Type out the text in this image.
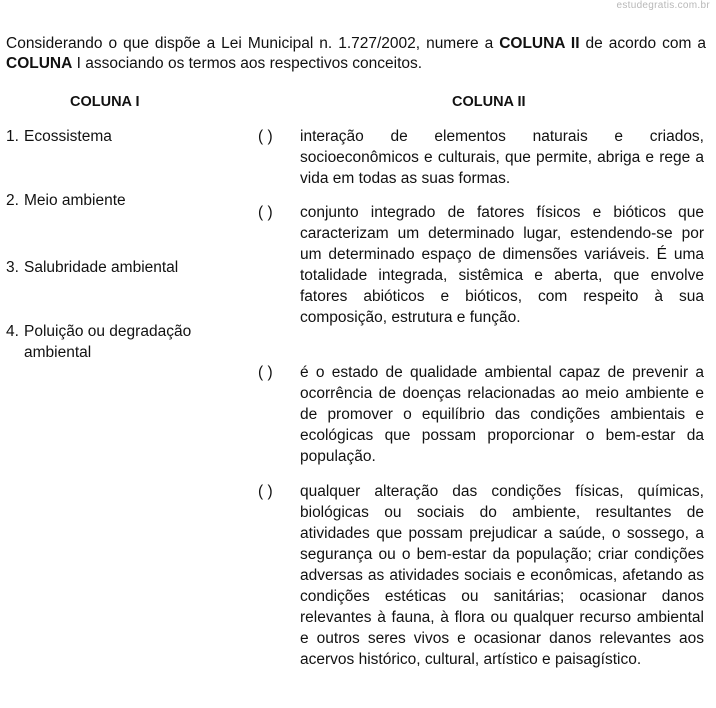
estudegratis.com.br
Considerando o que dispõe a Lei Municipal n. 1.727/2002, numere a COLUNA II de acordo com a COLUNA I associando os termos aos respectivos conceitos.
COLUNA I	COLUNA II
1. Ecossistema
2. Meio ambiente
3. Salubridade ambiental
4. Poluição ou degradação
ambiental
( )
( )
( )
( )
interação de elementos naturais e criados, socioeconômicos e culturais, que permite, abriga e rege a vida em todas as suas formas.
conjunto integrado de fatores físicos e bióticos que caracterizam um determinado lugar, estendendo-se por um determinado espaço de dimensões variáveis. É uma totalidade integrada, sistêmica e aberta, que envolve fatores abióticos e bióticos, com respeito à sua composição, estrutura e função.
é o estado de qualidade ambiental capaz de prevenir a ocorrência de doenças relacionadas ao meio ambiente e de promover o equilíbrio das condições ambientais e ecológicas que possam proporcionar o bem-estar da população.
qualquer alteração das condições físicas, químicas, biológicas ou sociais do ambiente, resultantes de atividades que possam prejudicar a saúde, o sossego, a segurança ou o bem-estar da população; criar condições adversas as atividades sociais e econômicas, afetando as condições estéticas ou sanitárias; ocasionar danos relevantes à fauna, à flora ou qualquer recurso ambiental e outros seres vivos e ocasionar danos relevantes aos acervos histórico, cultural, artístico e paisagístico.
